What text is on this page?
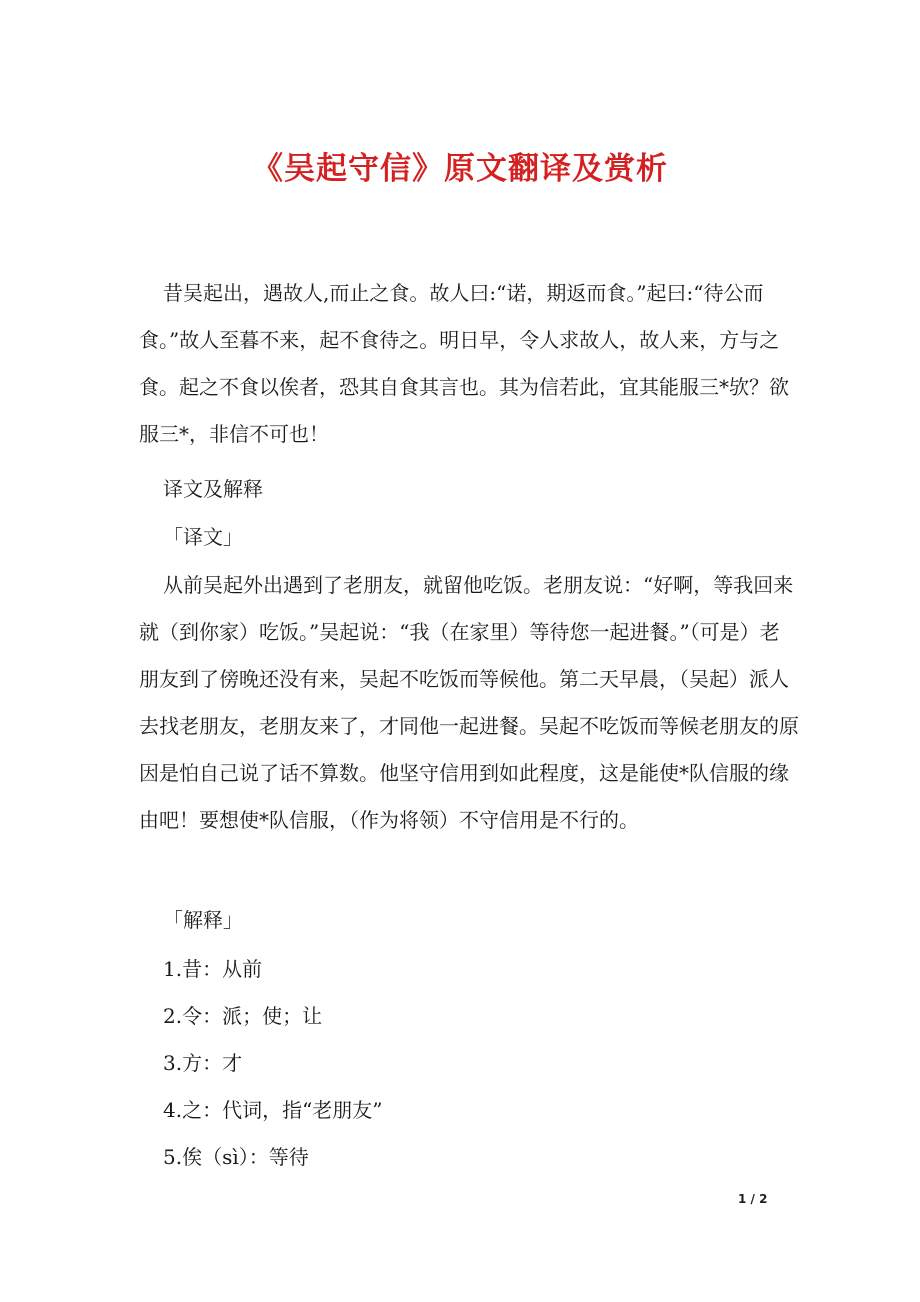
《吴起守信》原文翻译及赏析

昔吴起出，遇故人,而止之食。故人曰:“诺，期返而食。”起曰:“待公而食。”故人至暮不来，起不食待之。明日早，令人求故人，故人来，方与之食。起之不食以俟者，恐其自食其言也。其为信若此，宜其能服三*欤？欲服三*，非信不可也！

译文及解释

「译文」

从前吴起外出遇到了老朋友，就留他吃饭。老朋友说：“好啊，等我回来就（到你家）吃饭。”吴起说：“我（在家里）等待您一起进餐。”（可是）老朋友到了傍晚还没有来，吴起不吃饭而等候他。第二天早晨，（吴起）派人去找老朋友，老朋友来了，才同他一起进餐。吴起不吃饭而等候老朋友的原因是怕自己说了话不算数。他坚守信用到如此程度，这是能使*队信服的缘由吧！要想使*队信服，（作为将领）不守信用是不行的。

「解释」

1.昔：从前

2.令：派；使；让

3.方：才

4.之：代词，指“老朋友”

5.俟（sì）：等待

1 / 2
